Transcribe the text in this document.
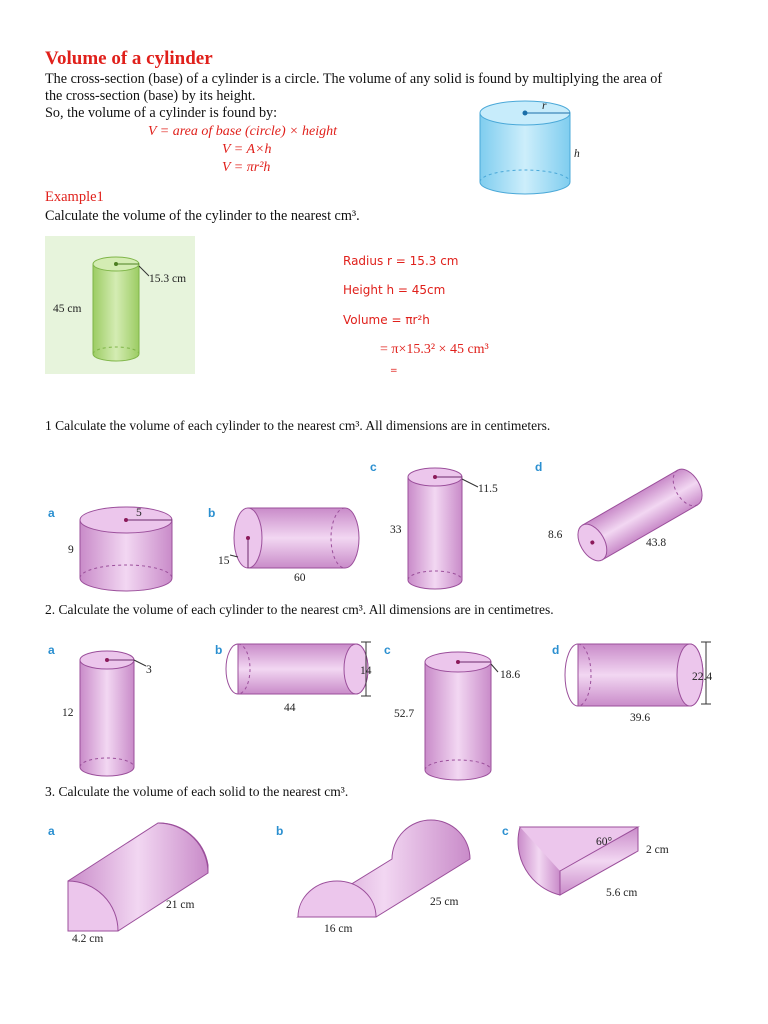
Volume of a cylinder
The cross-section (base) of a cylinder is a circle. The volume of any solid is found by multiplying the area of
the cross-section (base) by its height.
So, the volume of a cylinder is found by:
V = area of base (circle) × height
V = A×h
V = πr²h
r
h
Example1
Calculate the volume of the cylinder to the nearest cm³.
15.3 cm
45 cm
Radius r = 15.3 cm
Height h = 45cm
Volume = πr²h
= π×15.3² × 45 cm³
=
1 Calculate the volume of each cylinder to the nearest cm³. All dimensions are in centimeters.
a	5
9
b
15
60
c
11.5
33
d
8.6
43.8
2. Calculate the volume of each cylinder to the nearest cm³. All dimensions are in centimetres.
a
3
12
b
14
44
c
18.6
52.7
d
22.4
39.6
3. Calculate the volume of each solid to the nearest cm³.
a
21 cm
4.2 cm
b
25 cm
16 cm
c
60°
2 cm
5.6 cm
